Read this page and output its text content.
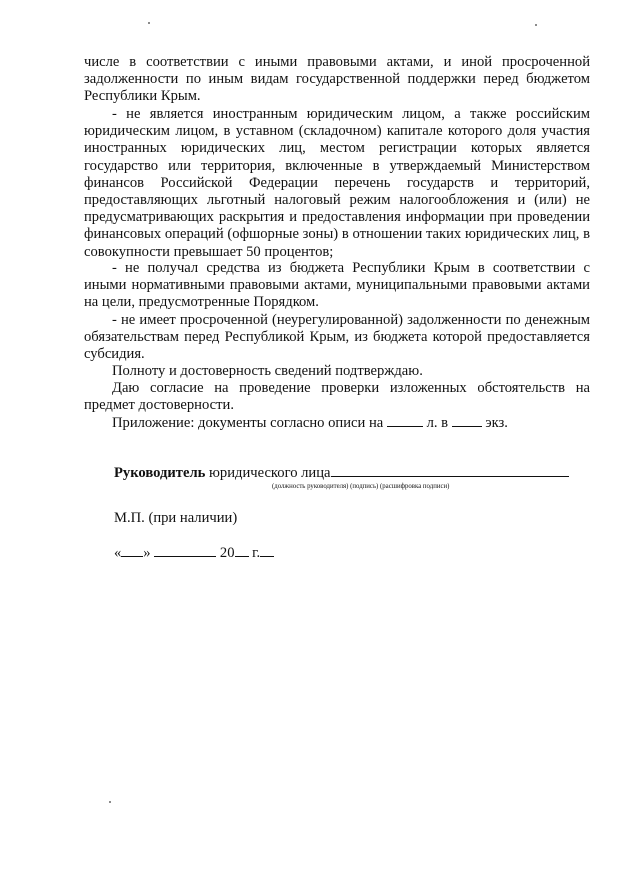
числе в соответствии с иными правовыми актами, и иной просроченной задолженности по иным видам государственной поддержки перед бюджетом Республики Крым.

- не является иностранным юридическим лицом, а также российским юридическим лицом, в уставном (складочном) капитале которого доля участия иностранных юридических лиц, местом регистрации которых является государство или территория, включенные в утверждаемый Министерством финансов Российской Федерации перечень государств и территорий, предоставляющих льготный налоговый режим налогообложения и (или) не предусматривающих раскрытия и предоставления информации при проведении финансовых операций (офшорные зоны) в отношении таких юридических лиц, в совокупности превышает 50 процентов;

- не получал средства из бюджета Республики Крым в соответствии с иными нормативными правовыми актами, муниципальными правовыми актами на цели, предусмотренные Порядком.

- не имеет просроченной (неурегулированной) задолженности по денежным обязательствам перед Республикой Крым, из бюджета которой предоставляется субсидия.

Полноту и достоверность сведений подтверждаю.

Даю согласие на проведение проверки изложенных обстоятельств на предмет достоверности.

Приложение: документы согласно описи на	л. в	экз.

Руководитель юридического лица
(должность руководителя) (подпись) (расшифровка подписи)
М.П. (при наличии)
« »	20 г.
